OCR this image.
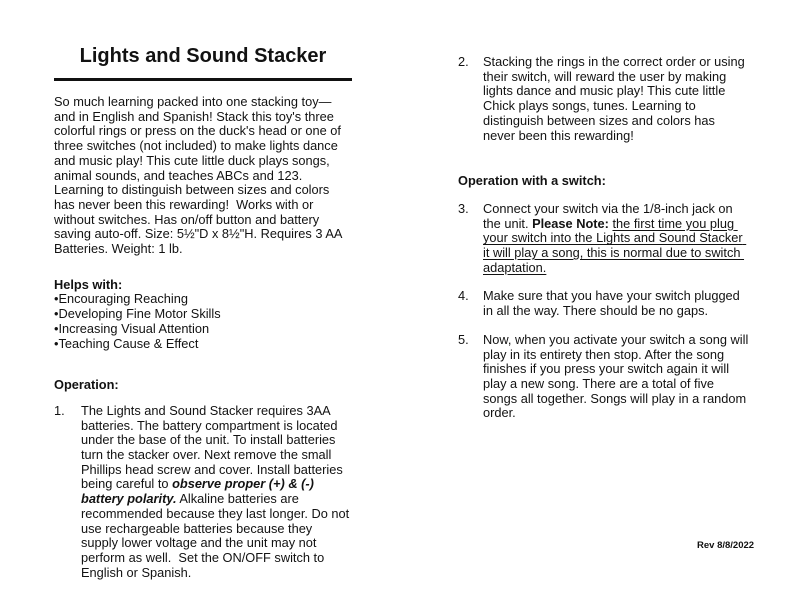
Lights and Sound Stacker

So much learning packed into one stacking toy—and in English and Spanish! Stack this toy's three colorful rings or press on the duck's head or one of three switches (not included) to make lights dance and music play! This cute little duck plays songs, animal sounds, and teaches ABCs and 123. Learning to distinguish between sizes and colors has never been this rewarding!  Works with or without switches. Has on/off button and battery saving auto-off. Size: 5½"D x 8½"H. Requires 3 AA Batteries. Weight: 1 lb.

Helps with:

•Encouraging Reaching
•Developing Fine Motor Skills
•Increasing Visual Attention
•Teaching Cause & Effect

Operation:

1.	The Lights and Sound Stacker requires 3AA batteries. The battery compartment is located under the base of the unit. To install batteries turn the stacker over. Next remove the small Phillips head screw and cover. Install batteries being careful to observe proper (+) & (-) battery polarity. Alkaline batteries are recommended because they last longer. Do not use rechargeable batteries because they supply lower voltage and the unit may not perform as well.  Set the ON/OFF switch to English or Spanish.
2.	Stacking the rings in the correct order or using their switch, will reward the user by making lights dance and music play! This cute little Chick plays songs, tunes. Learning to distinguish between sizes and colors has never been this rewarding!

Operation with a switch:

3.	Connect your switch via the 1/8-inch jack on the unit. Please Note: the first time you plug your switch into the Lights and Sound Stacker it will play a song, this is normal due to switch adaptation.
4.	Make sure that you have your switch plugged in all the way. There should be no gaps.
5.	Now, when you activate your switch a song will play in its entirety then stop. After the song finishes if you press your switch again it will play a new song. There are a total of five songs all together. Songs will play in a random order.
Rev 8/8/2022
